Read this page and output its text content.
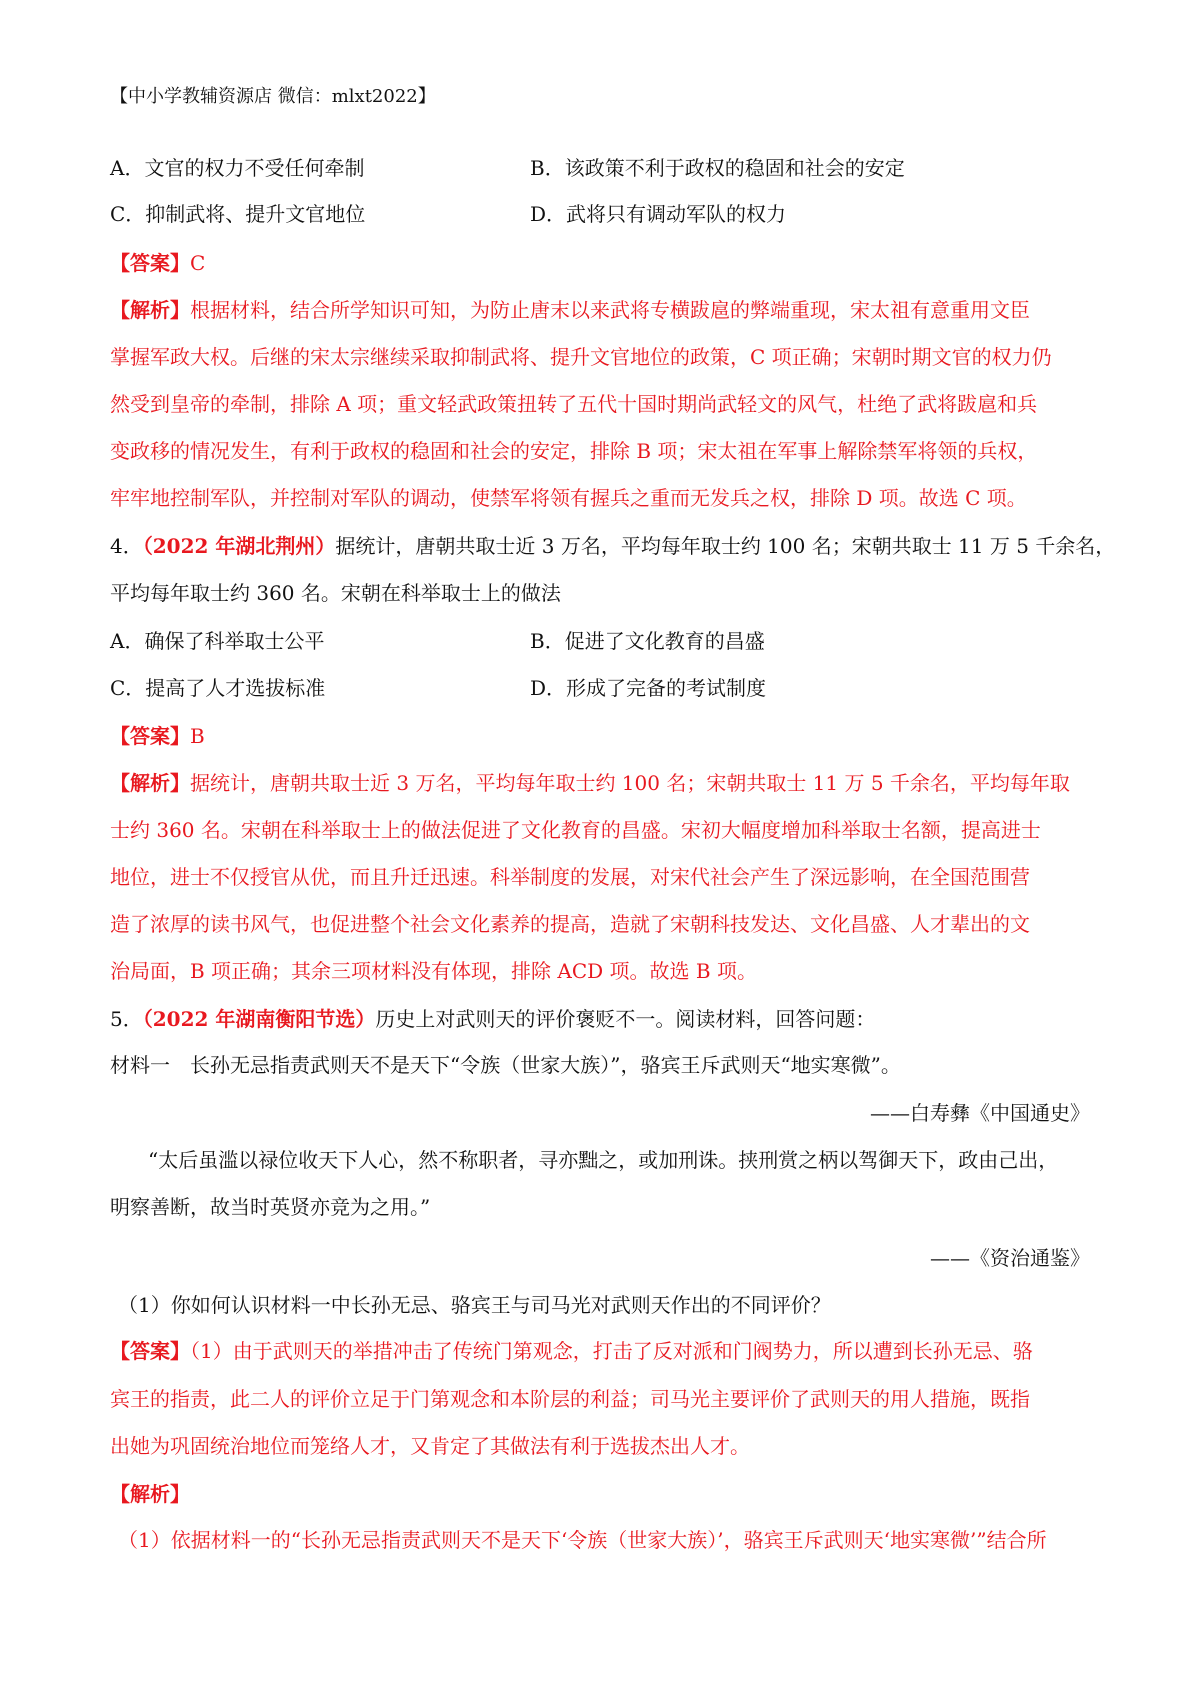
【中小学教辅资源店 微信：mlxt2022】
A．文官的权力不受任何牵制	B．该政策不利于政权的稳固和社会的安定
C．抑制武将、提升文官地位	D．武将只有调动军队的权力
【答案】C
【解析】根据材料，结合所学知识可知，为防止唐末以来武将专横跋扈的弊端重现，宋太祖有意重用文臣
掌握军政大权。后继的宋太宗继续采取抑制武将、提升文官地位的政策，C 项正确；宋朝时期文官的权力仍
然受到皇帝的牵制，排除 A 项；重文轻武政策扭转了五代十国时期尚武轻文的风气，杜绝了武将跋扈和兵
变政移的情况发生，有利于政权的稳固和社会的安定，排除 B 项；宋太祖在军事上解除禁军将领的兵权，
牢牢地控制军队，并控制对军队的调动，使禁军将领有握兵之重而无发兵之权，排除 D 项。故选 C 项。
4．（2022 年湖北荆州）据统计，唐朝共取士近 3 万名，平均每年取士约 100 名；宋朝共取士 11 万 5 千余名，
平均每年取士约 360 名。宋朝在科举取士上的做法
A．确保了科举取士公平	B．促进了文化教育的昌盛
C．提高了人才选拔标准	D．形成了完备的考试制度
【答案】B
【解析】据统计，唐朝共取士近 3 万名，平均每年取士约 100 名；宋朝共取士 11 万 5 千余名，平均每年取
士约 360 名。宋朝在科举取士上的做法促进了文化教育的昌盛。宋初大幅度增加科举取士名额，提高进士
地位，进士不仅授官从优，而且升迁迅速。科举制度的发展，对宋代社会产生了深远影响，在全国范围营
造了浓厚的读书风气，也促进整个社会文化素养的提高，造就了宋朝科技发达、文化昌盛、人才辈出的文
治局面，B 项正确；其余三项材料没有体现，排除 ACD 项。故选 B 项。
5．（2022 年湖南衡阳节选）历史上对武则天的评价褒贬不一。阅读材料，回答问题：
材料一　长孙无忌指责武则天不是天下“令族（世家大族）”，骆宾王斥武则天“地实寒微”。
——白寿彝《中国通史》
“太后虽滥以禄位收天下人心，然不称职者，寻亦黜之，或加刑诛。挟刑赏之柄以驾御天下，政由己出，
明察善断，故当时英贤亦竞为之用。”
——《资治通鉴》
（1）你如何认识材料一中长孙无忌、骆宾王与司马光对武则天作出的不同评价？
【答案】（1）由于武则天的举措冲击了传统门第观念，打击了反对派和门阀势力，所以遭到长孙无忌、骆
宾王的指责，此二人的评价立足于门第观念和本阶层的利益；司马光主要评价了武则天的用人措施，既指
出她为巩固统治地位而笼络人才，又肯定了其做法有利于选拔杰出人才。
【解析】
（1）依据材料一的“长孙无忌指责武则天不是天下‘令族（世家大族）’，骆宾王斥武则天‘地实寒微’”结合所
